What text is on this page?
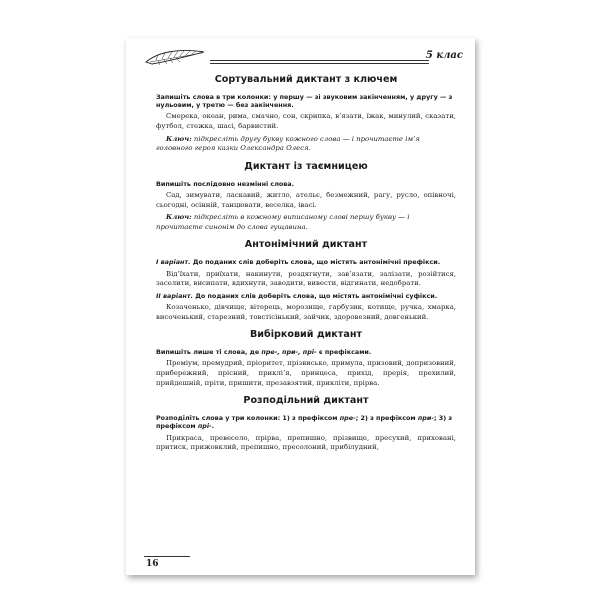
5 клас
Сортувальний диктант з ключем
Запишіть слова в три колонки: у першу — зі звуковим закінченням, у другу — з нульовим, у третю — без закінчення.
Смерека, океан, рима, смачно, сон, скрипка, в’язати, їжак, минулий, сказати, футбол, стежка, шасі, барвистий.
Ключ: підкресліть другу букву кожного слова — і прочитаєте ім’я головного героя казки Олександра Олеся.
Диктант із таємницею
Випишіть послідовно незмінні слова.
Сад, зимувати, ласкавий, житло, ательє, безмежний, рагу, русло, опівночі, сьогодні, осінній, танцювати, веселка, івасі.
Ключ: підкресліть в кожному виписаному слові першу букву — і прочитаєте синонім до слова гущавина.
Антонімічний диктант
І варіант. До поданих слів доберіть слова, що містять антонімічні префікси.
Від’їхати, приїхати, накинути, роздягнути, зав’язати, залізати, розійтися, заселити, висипати, вдихнути, заводити, вивести, відгинати, недобрати.
ІІ варіант. До поданих слів доберіть слова, що містять антонімічні суфікси.
Козаченько, дівчище, вітерець, морозище, гарбузик, котище, ручка, хмарка, височенький, старезний, товстісінький, зайчик, здоровезний, довгенький.
Вибірковий диктант
Випишіть лише ті слова, де пре-, при-, прі- є префіксами.
Преміум, премудрий, пріоритет, прізвисько, примула, призовий, допризовний, прибережний, прісний, приклі’я, принцеса, прихід, прерія, прехилий, прийдешній, пріти, пришити, презавзятий, прикліти, прірва.
Розподільний диктант
Розподіліть слова у три колонки: 1) з префіксом пре-; 2) з префіксом при-; 3) з префіксом прі-.
Прикраса, превесело, прірва, препишно, прізвище, пресухий, приховані, притиск, прижовклий, препишно, пресолоний, прибілудний,
16
